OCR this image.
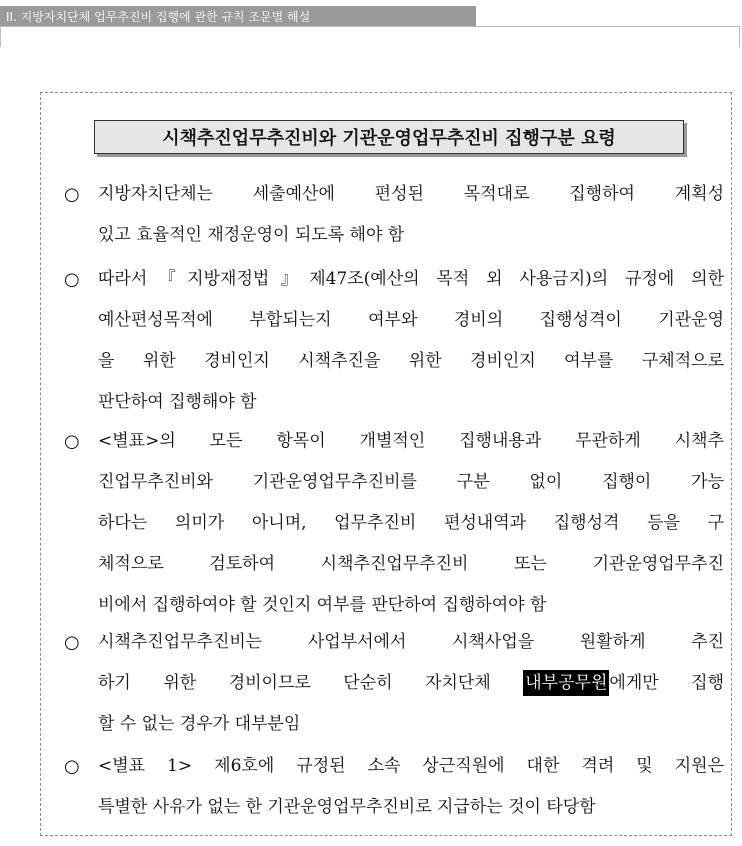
II. 지방자치단체 업무추진비 집행에 관한 규칙 조문별 해설
시책추진업무추진비와 기관운영업무추진비 집행구분 요령
○	지방자치단체는 세출예산에 편성된 목적대로 집행하여 계획성
있고 효율적인 재정운영이 되도록 해야 함
○	따라서『지방재정법』제47조(예산의 목적 외 사용금지)의 규정에 의한
예산편성목적에 부합되는지 여부와 경비의 집행성격이 기관운영
을 위한 경비인지 시책추진을 위한 경비인지 여부를 구체적으로
판단하여 집행해야 함
○	<별표>의 모든 항목이 개별적인 집행내용과 무관하게 시책추
진업무추진비와 기관운영업무추진비를 구분 없이 집행이 가능
하다는 의미가 아니며, 업무추진비 편성내역과 집행성격 등을 구
체적으로 검토하여 시책추진업무추진비 또는 기관운영업무추진
비에서 집행하여야 할 것인지 여부를 판단하여 집행하여야 함
○	시책추진업무추진비는 사업부서에서 시책사업을 원활하게 추진
하기 위한 경비이므로 단순히 자치단체 내부공무원 에게만 집행
할 수 없는 경우가 대부분임
○	<별표 1> 제6호에 규정된 소속 상근직원에 대한 격려 및 지원은
특별한 사유가 없는 한 기관운영업무추진비로 지급하는 것이 타당함
